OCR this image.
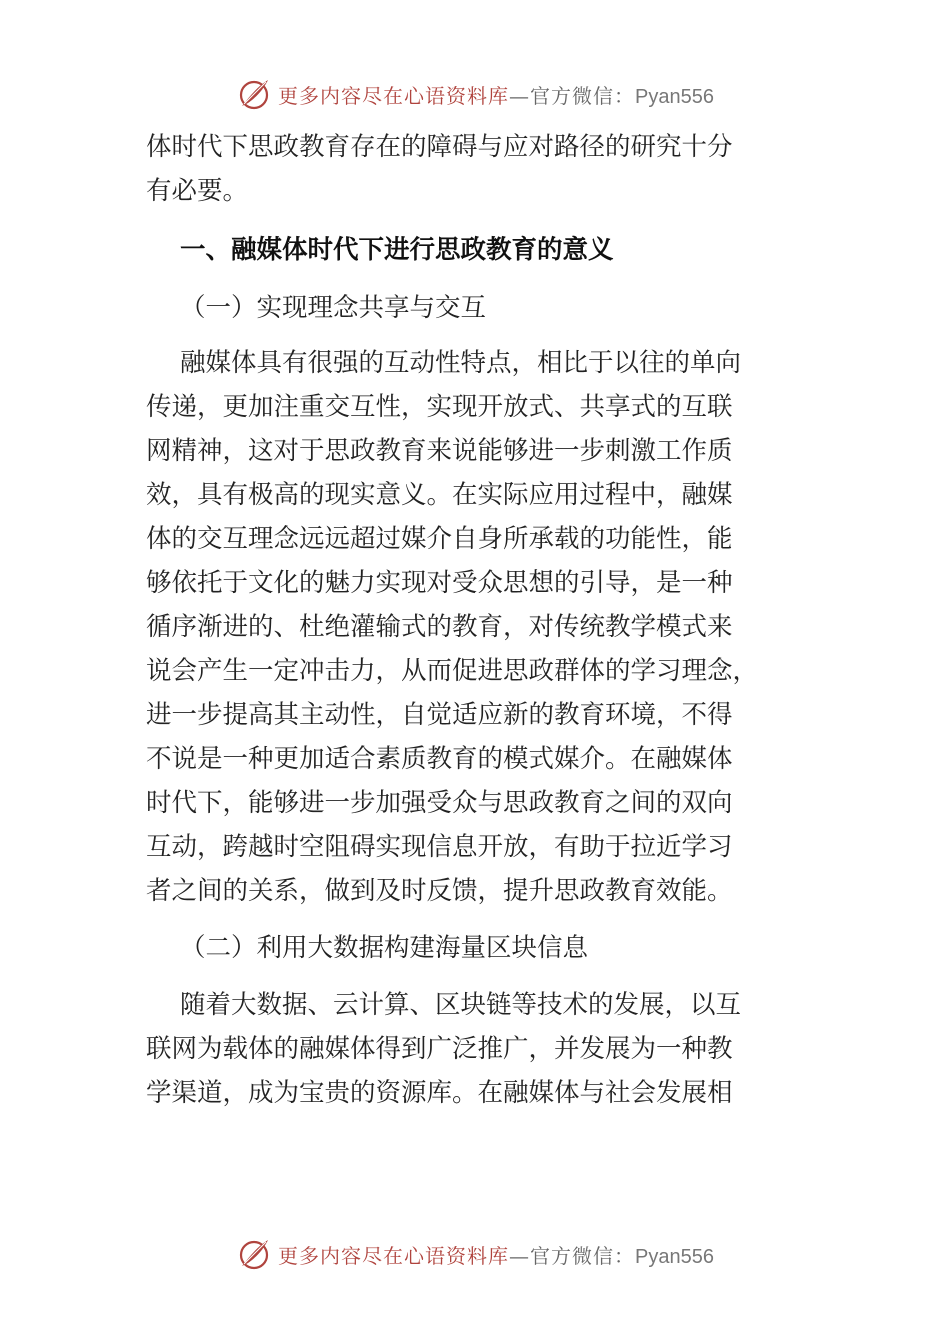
更多内容尽在心语资料库—官方微信：Pyan556
体时代下思政教育存在的障碍与应对路径的研究十分
有必要。
一、融媒体时代下进行思政教育的意义
（一）实现理念共享与交互
融媒体具有很强的互动性特点，相比于以往的单向
传递，更加注重交互性，实现开放式、共享式的互联
网精神，这对于思政教育来说能够进一步刺激工作质
效，具有极高的现实意义。在实际应用过程中，融媒
体的交互理念远远超过媒介自身所承载的功能性，能
够依托于文化的魅力实现对受众思想的引导，是一种
循序渐进的、杜绝灌输式的教育，对传统教学模式来
说会产生一定冲击力，从而促进思政群体的学习理念，
进一步提高其主动性，自觉适应新的教育环境，不得
不说是一种更加适合素质教育的模式媒介。在融媒体
时代下，能够进一步加强受众与思政教育之间的双向
互动，跨越时空阻碍实现信息开放，有助于拉近学习
者之间的关系，做到及时反馈，提升思政教育效能。
（二）利用大数据构建海量区块信息
随着大数据、云计算、区块链等技术的发展，以互
联网为载体的融媒体得到广泛推广，并发展为一种教
学渠道，成为宝贵的资源库。在融媒体与社会发展相
更多内容尽在心语资料库—官方微信：Pyan556
